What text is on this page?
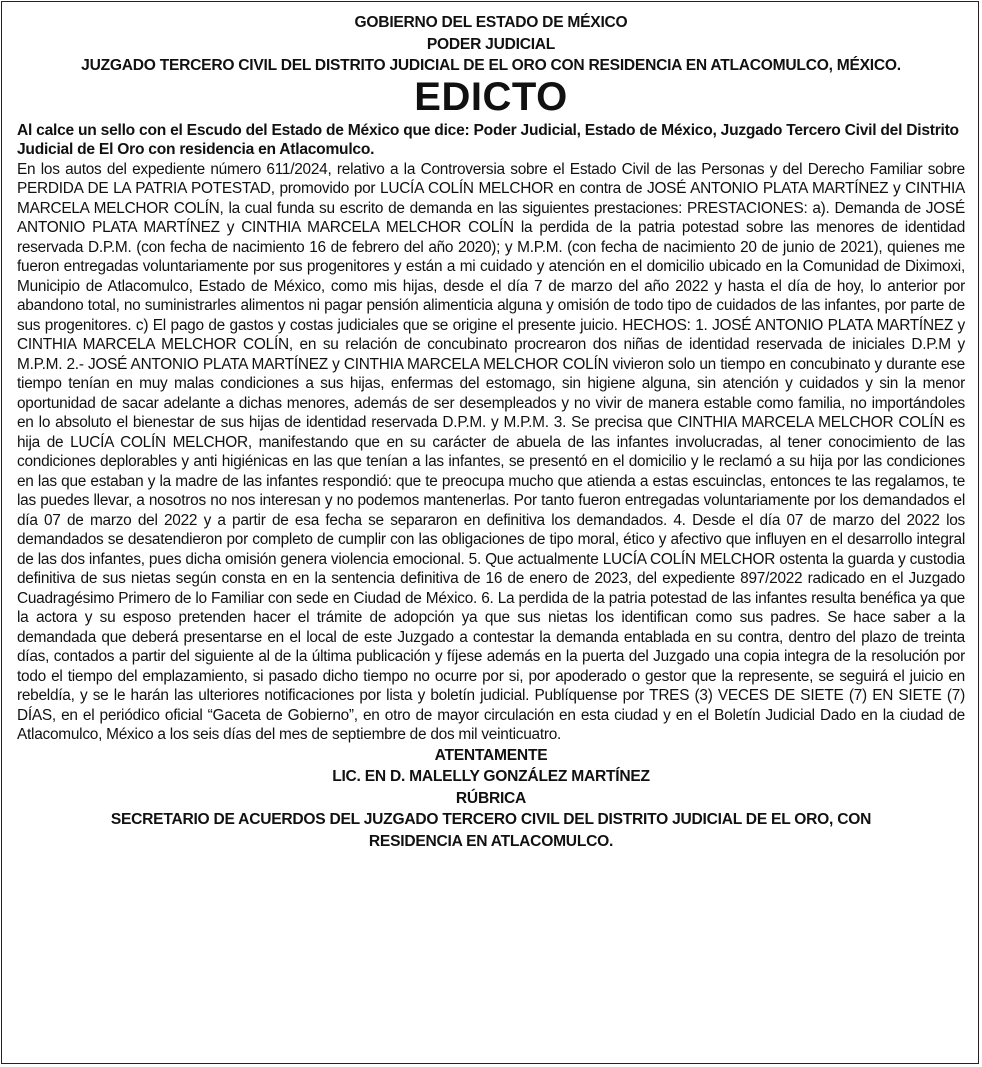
GOBIERNO DEL ESTADO DE MÉXICO

PODER JUDICIAL

JUZGADO TERCERO CIVIL DEL DISTRITO JUDICIAL DE EL ORO CON RESIDENCIA EN ATLACOMULCO, MÉXICO.

EDICTO

Al calce un sello con el Escudo del Estado de México que dice: Poder Judicial, Estado de México, Juzgado Tercero Civil del Distrito Judicial de El Oro con residencia en Atlacomulco.

En los autos del expediente número 611/2024, relativo a la Controversia sobre el Estado Civil de las Personas y del Derecho Familiar sobre PERDIDA DE LA PATRIA POTESTAD, promovido por LUCÍA COLÍN MELCHOR en contra de JOSÉ ANTONIO PLATA MARTÍNEZ y CINTHIA MARCELA MELCHOR COLÍN, la cual funda su escrito de demanda en las siguientes prestaciones: PRESTACIONES: a). Demanda de JOSÉ ANTONIO PLATA MARTÍNEZ y CINTHIA MARCELA MELCHOR COLÍN la perdida de la patria potestad sobre las menores de identidad reservada D.P.M. (con fecha de nacimiento 16 de febrero del año 2020); y M.P.M. (con fecha de nacimiento 20 de junio de 2021), quienes me fueron entregadas voluntariamente por sus progenitores y están a mi cuidado y atención en el domicilio ubicado en la Comunidad de Diximoxi, Municipio de Atlacomulco, Estado de México, como mis hijas, desde el día 7 de marzo del año 2022 y hasta el día de hoy, lo anterior por abandono total, no suministrarles alimentos ni pagar pensión alimenticia alguna y omisión de todo tipo de cuidados de las infantes, por parte de sus progenitores. c) El pago de gastos y costas judiciales que se origine el presente juicio. HECHOS: 1. JOSÉ ANTONIO PLATA MARTÍNEZ y CINTHIA MARCELA MELCHOR COLÍN, en su relación de concubinato procrearon dos niñas de identidad reservada de iniciales D.P.M y M.P.M. 2.- JOSÉ ANTONIO PLATA MARTÍNEZ y CINTHIA MARCELA MELCHOR COLÍN vivieron solo un tiempo en concubinato y durante ese tiempo tenían en muy malas condiciones a sus hijas, enfermas del estomago, sin higiene alguna, sin atención y cuidados y sin la menor oportunidad de sacar adelante a dichas menores, además de ser desempleados y no vivir de manera estable como familia, no importándoles en lo absoluto el bienestar de sus hijas de identidad reservada D.P.M. y M.P.M. 3. Se precisa que CINTHIA MARCELA MELCHOR COLÍN es hija de LUCÍA COLÍN MELCHOR, manifestando que en su carácter de abuela de las infantes involucradas, al tener conocimiento de las condiciones deplorables y anti higiénicas en las que tenían a las infantes, se presentó en el domicilio y le reclamó a su hija por las condiciones en las que estaban y la madre de las infantes respondió: que te preocupa mucho que atienda a estas escuinclas, entonces te las regalamos, te las puedes llevar, a nosotros no nos interesan y no podemos mantenerlas. Por tanto fueron entregadas voluntariamente por los demandados el día 07 de marzo del 2022 y a partir de esa fecha se separaron en definitiva los demandados. 4. Desde el día 07 de marzo del 2022 los demandados se desatendieron por completo de cumplir con las obligaciones de tipo moral, ético y afectivo que influyen en el desarrollo integral de las dos infantes, pues dicha omisión genera violencia emocional. 5. Que actualmente LUCÍA COLÍN MELCHOR ostenta la guarda y custodia definitiva de sus nietas según consta en en la sentencia definitiva de 16 de enero de 2023, del expediente 897/2022 radicado en el Juzgado Cuadragésimo Primero de lo Familiar con sede en Ciudad de México. 6. La perdida de la patria potestad de las infantes resulta benéfica ya que la actora y su esposo pretenden hacer el trámite de adopción ya que sus nietas los identifican como sus padres. Se hace saber a la demandada que deberá presentarse en el local de este Juzgado a contestar la demanda entablada en su contra, dentro del plazo de treinta días, contados a partir del siguiente al de la última publicación y fíjese además en la puerta del Juzgado una copia integra de la resolución por todo el tiempo del emplazamiento, si pasado dicho tiempo no ocurre por si, por apoderado o gestor que la represente, se seguirá el juicio en rebeldía, y se le harán las ulteriores notificaciones por lista y boletín judicial. Publíquense por TRES (3) VECES DE SIETE (7) EN SIETE (7) DÍAS, en el periódico oficial “Gaceta de Gobierno”, en otro de mayor circulación en esta ciudad y en el Boletín Judicial Dado en la ciudad de Atlacomulco, México a los seis días del mes de septiembre de dos mil veinticuatro.

ATENTAMENTE

LIC. EN D. MALELLY GONZÁLEZ MARTÍNEZ

RÚBRICA

SECRETARIO DE ACUERDOS DEL JUZGADO TERCERO CIVIL DEL DISTRITO JUDICIAL DE EL ORO, CON
RESIDENCIA EN ATLACOMULCO.
